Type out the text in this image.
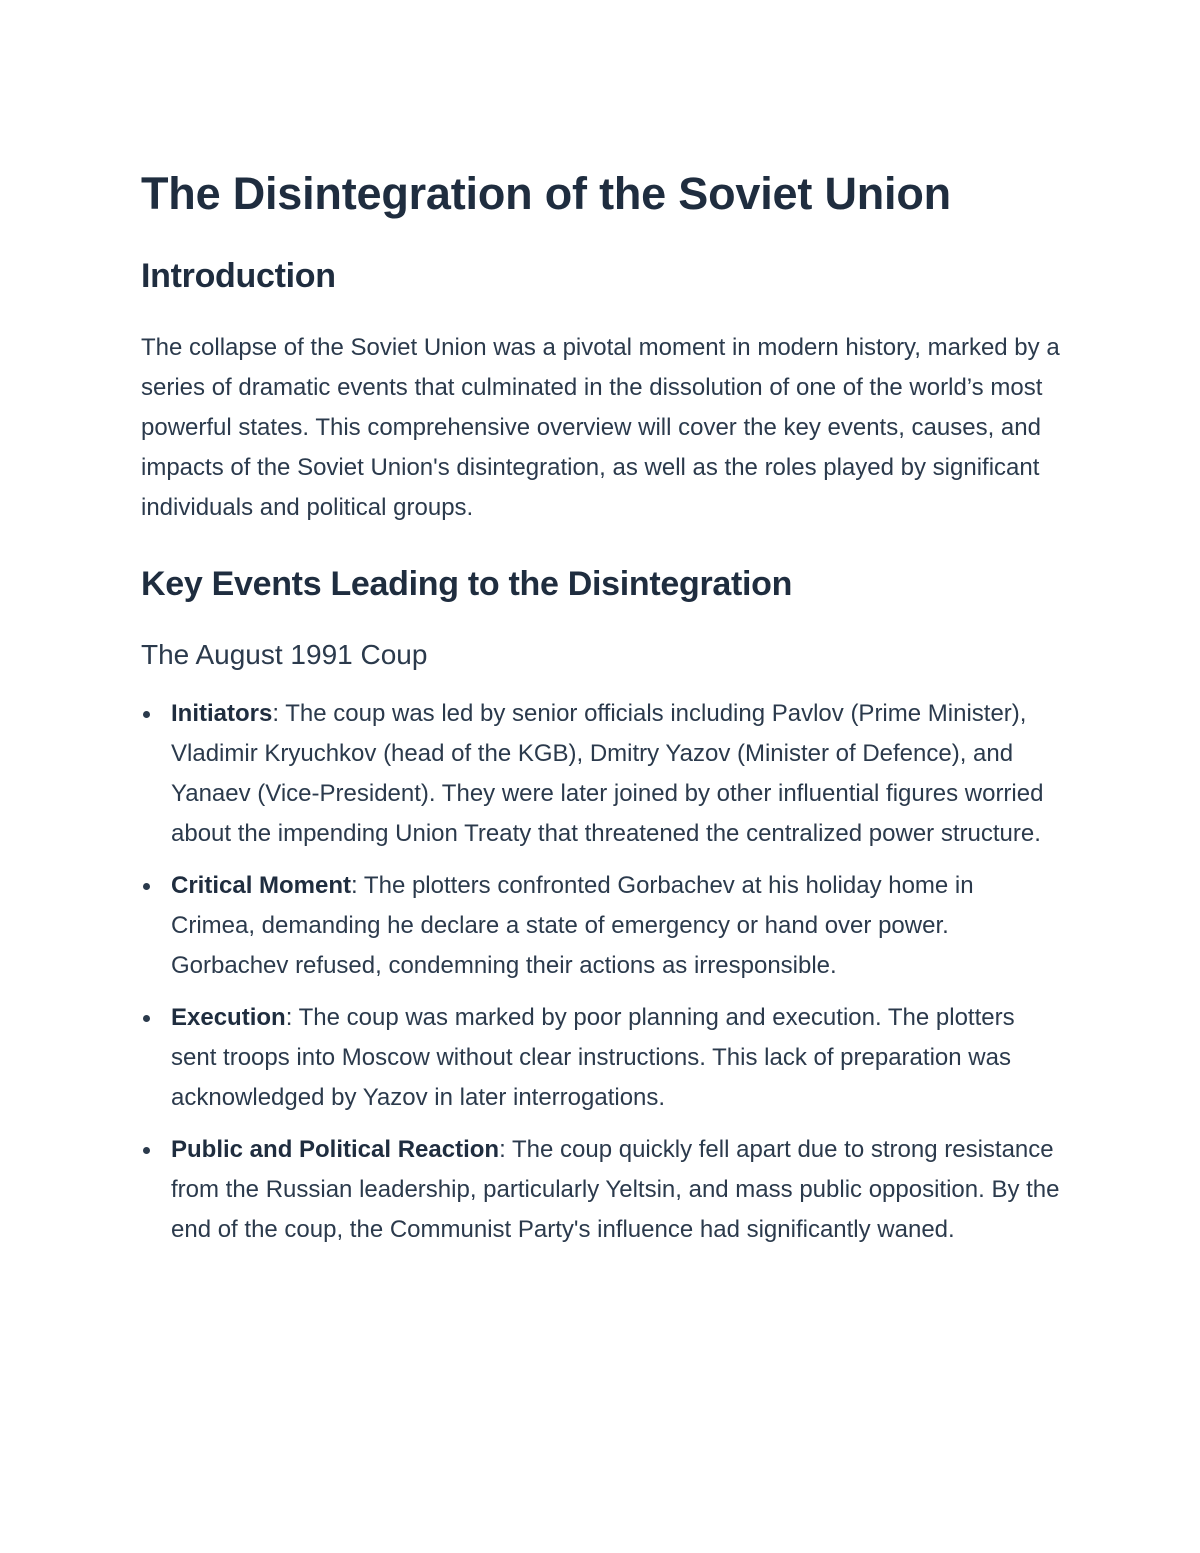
The Disintegration of the Soviet Union
Introduction

The collapse of the Soviet Union was a pivotal moment in modern history, marked by a series of dramatic events that culminated in the dissolution of one of the world’s most powerful states. This comprehensive overview will cover the key events, causes, and impacts of the Soviet Union's disintegration, as well as the roles played by significant individuals and political groups.

Key Events Leading to the Disintegration
The August 1991 Coup
Initiators: The coup was led by senior officials including Pavlov (Prime Minister), Vladimir Kryuchkov (head of the KGB), Dmitry Yazov (Minister of Defence), and Yanaev (Vice-President). They were later joined by other influential figures worried about the impending Union Treaty that threatened the centralized power structure.
Critical Moment: The plotters confronted Gorbachev at his holiday home in Crimea, demanding he declare a state of emergency or hand over power. Gorbachev refused, condemning their actions as irresponsible.
Execution: The coup was marked by poor planning and execution. The plotters sent troops into Moscow without clear instructions. This lack of preparation was acknowledged by Yazov in later interrogations.
Public and Political Reaction: The coup quickly fell apart due to strong resistance from the Russian leadership, particularly Yeltsin, and mass public opposition. By the end of the coup, the Communist Party's influence had significantly waned.
